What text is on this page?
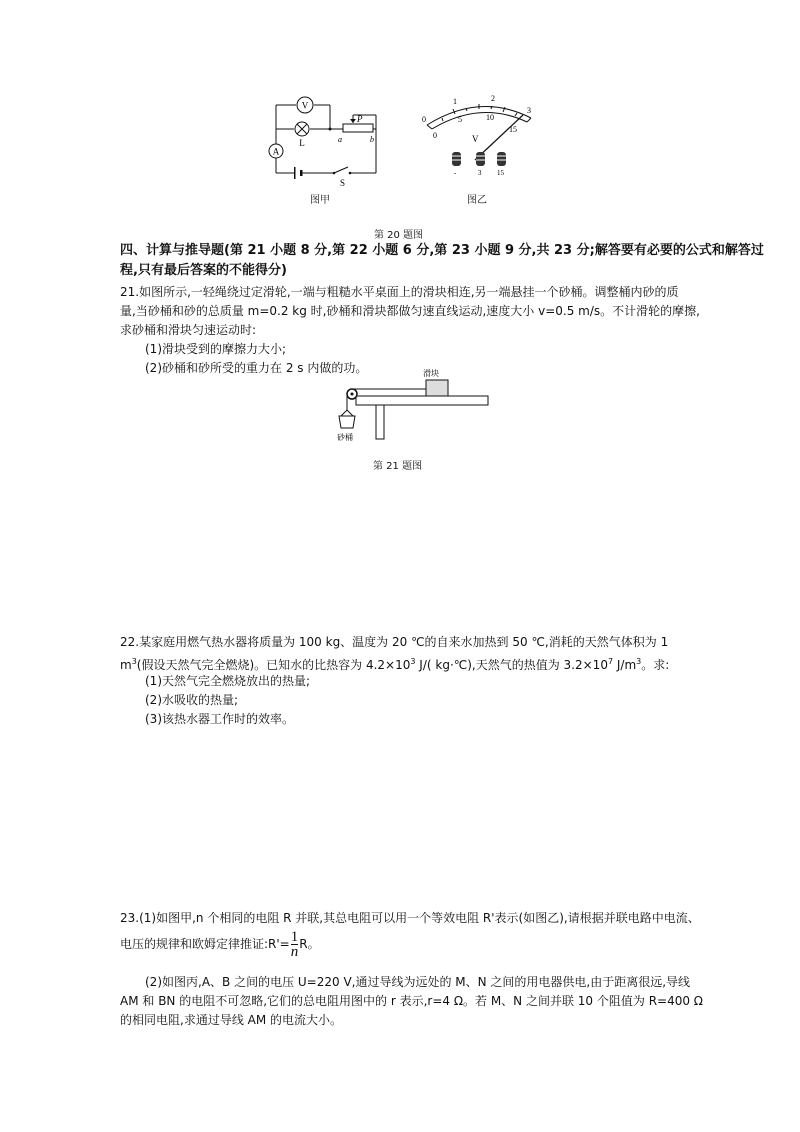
V
A
L
P
a	b
S
图甲
1	2
3
0
0
5	10
15
V
-	3 15
图乙
第 20 题图
四、计算与推导题(第 21 小题 8 分,第 22 小题 6 分,第 23 小题 9 分,共 23 分;解答要有必要的公式和解答过
程,只有最后答案的不能得分)
21.如图所示,一轻绳绕过定滑轮,一端与粗糙水平桌面上的滑块相连,另一端悬挂一个砂桶。调整桶内砂的质
量,当砂桶和砂的总质量 m=0.2 kg 时,砂桶和滑块都做匀速直线运动,速度大小 v=0.5 m/s。不计滑轮的摩擦,
求砂桶和滑块匀速运动时:
(1)滑块受到的摩擦力大小;
(2)砂桶和砂所受的重力在 2 s 内做的功。	滑块
砂桶
第 21 题图
22.某家庭用燃气热水器将质量为 100 kg、温度为 20 ℃的自来水加热到 50 ℃,消耗的天然气体积为 1
$m^3$(假设天然气完全燃烧)。已知水的比热容为 $4.2\times 10^3$ J/( kg·℃),天然气的热值为 $3.2\times 10^7$ $J/m^3$。求:
(1)天然气完全燃烧放出的热量;
(2)水吸收的热量;
(3)该热水器工作时的效率。
23.(1)如图甲,n 个相同的电阻 R 并联,其总电阻可以用一个等效电阻 R'表示(如图乙),请根据并联电路中电流、
电压的规律和欧姆定律推证:R'= $\frac{1}{n}$ R。
(2)如图丙,A、B 之间的电压 U=220 V,通过导线为远处的 M、N 之间的用电器供电,由于距离很远,导线
AM 和 BN 的电阻不可忽略,它们的总电阻用图中的 r 表示,r=4 Ω。若 M、N 之间并联 10 个阻值为 R=400 Ω
的相同电阻,求通过导线 AM 的电流大小。
